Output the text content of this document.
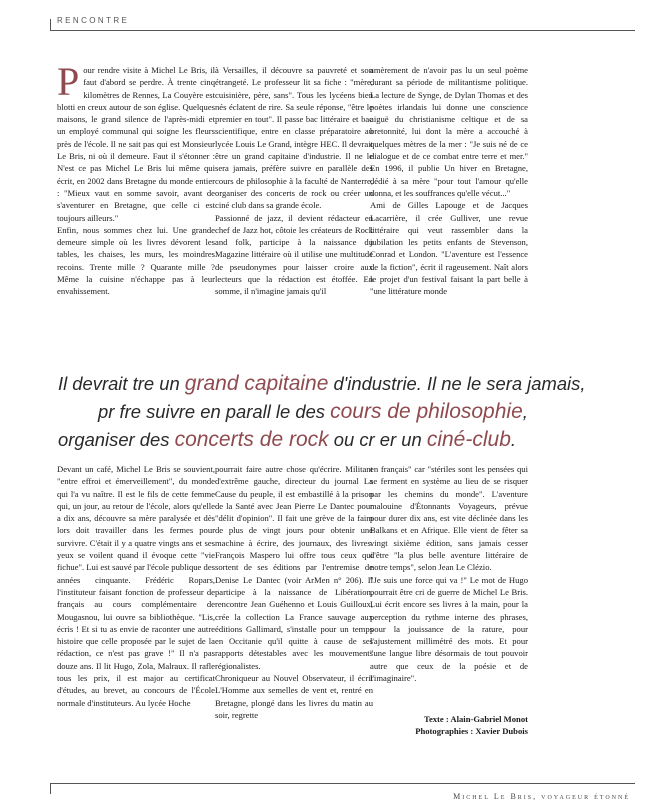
RENCONTRE

Pour rendre visite à Michel Le Bris, il faut d'abord se perdre. À trente cinq kilomètres de Rennes, La Couyère est blotti en creux autour de son église. Quelques maisons, le grand silence de l'après-midi et un employé communal qui soigne les fleurs près de l'école. Il ne sait pas qui est Monsieur Le Bris, ni où il demeure. Faut il s'étonner : N'est ce pas Michel Le Bris lui même qui écrit, en 2002 dans Bretagne du monde entier : "Mieux vaut en somme savoir, avant de s'aventurer en Bretagne, que celle ci est toujours ailleurs."

Enfin, nous sommes chez lui. Une grande demeure simple où les livres dévorent les tables, les chaises, les murs, les moindres recoins. Trente mille ? Quarante mille ? Même la cuisine n'échappe pas à leur envahissement.

à Versailles, il découvre sa pauvreté et son étrangeté. Le professeur lit sa fiche : "mère, cuisinière, père, sans". Tous les lycéens bien nés éclatent de rire. Sa seule réponse, "être le premier en tout". Il passe bac littéraire et bac scientifique, entre en classe préparatoire au lycée Louis Le Grand, intègre HEC. Il devrait être un grand capitaine d'industrie. Il ne le sera jamais, préfère suivre en parallèle des cours de philosophie à la faculté de Nanterre, organiser des concerts de rock ou créer un ciné club dans sa grande école.

Passionné de jazz, il devient rédacteur en chef de Jazz hot, côtoie les créateurs de Rock and folk, participe à la naissance du Magazine littéraire où il utilise une multitude de pseudonymes pour laisser croire aux lecteurs que la rédaction est étoffée. En somme, il n'imagine jamais qu'il

amèrement de n'avoir pas lu un seul poème durant sa période de militantisme politique. La lecture de Synge, de Dylan Thomas et des poètes irlandais lui donne une conscience aiguë du christianisme celtique et de sa bretonnité, lui dont la mère a accouché à quelques mètres de la mer : "Je suis né de ce dialogue et de ce combat entre terre et mer." En 1996, il publie Un hiver en Bretagne, dédié à sa mère "pour tout l'amour qu'elle donna, et les souffrances qu'elle vécut..."

Ami de Gilles Lapouge et de Jacques Lacarrière, il crée Gulliver, une revue littéraire qui veut rassembler dans la jubilation les petits enfants de Stevenson, Conrad et London. "L'aventure est l'essence de la fiction", écrit il rageusement. Naît alors le projet d'un festival faisant la part belle à "une littérature monde

Il devrait tre un grand capitaine d'industrie. Il ne le sera jamais,
pr fre suivre en parall le des cours de philosophie,
organiser des concerts de rock ou cr er un ciné-club.

Devant un café, Michel Le Bris se souvient, "entre effroi et émerveillement", du monde qui l'a vu naître. Il est le fils de cette femme qui, un jour, au retour de l'école, alors qu'elle a dix ans, découvre sa mère paralysée et dès lors doit travailler dans les fermes pour survivre. C'était il y a quatre vingts ans et ses yeux se voilent quand il évoque cette "vie fichue". Lui est sauvé par l'école publique des années cinquante. Frédéric Ropars, l'instituteur faisant fonction de professeur de français au cours complémentaire de Mougasnou, lui ouvre sa bibliothèque. "Lis, écris ! Et si tu as envie de raconter une autre histoire que celle proposée par le sujet de la rédaction, ce n'est pas grave !" Il n'a pas douze ans. Il lit Hugo, Zola, Malraux. Il rafle tous les prix, il est major au certificat d'études, au brevet, au concours de l'École normale d'instituteurs. Au lycée Hoche

pourrait faire autre chose qu'écrire. Militant d'extrême gauche, directeur du journal La Cause du peuple, il est embastillé à la prison de la Santé avec Jean Pierre Le Dantec pour "délit d'opinion". Il fait une grève de la faim de plus de vingt jours pour obtenir une machine à écrire, des journaux, des livres. François Maspero lui offre tous ceux qui sortent de ses éditions par l'entremise de Denise Le Dantec (voir ArMen n° 206). Il participe à la naissance de Libération, rencontre Jean Guéhenno et Louis Guilloux, crée la collection La France sauvage aux éditions Gallimard, s'installe pour un temps en Occitanie qu'il quitte à cause de ses rapports détestables avec les mouvements régionalistes.

Chroniqueur au Nouvel Observateur, il écrit L'Homme aux semelles de vent et, rentré en Bretagne, plongé dans les livres du matin au soir, regrette

en français" car "stériles sont les pensées qui se ferment en système au lieu de se risquer par les chemins du monde". L'aventure malouine d'Étonnants Voyageurs, prévue pour durer dix ans, est vite déclinée dans les Balkans et en Afrique. Elle vient de fêter sa vingt sixième édition, sans jamais cesser d'être "la plus belle aventure littéraire de notre temps", selon Jean Le Clézio.

"Je suis une force qui va !" Le mot de Hugo pourrait être cri de guerre de Michel Le Bris. Lui écrit encore ses livres à la main, pour la perception du rythme interne des phrases, pour la jouissance de la rature, pour l'ajustement millimétré des mots. Et pour "une langue libre désormais de tout pouvoir autre que ceux de la poésie et de l'imaginaire".

Texte : Alain-Gabriel Monot
Photographies : Xavier Dubois
Michel Le Bris, voyageur étonné
